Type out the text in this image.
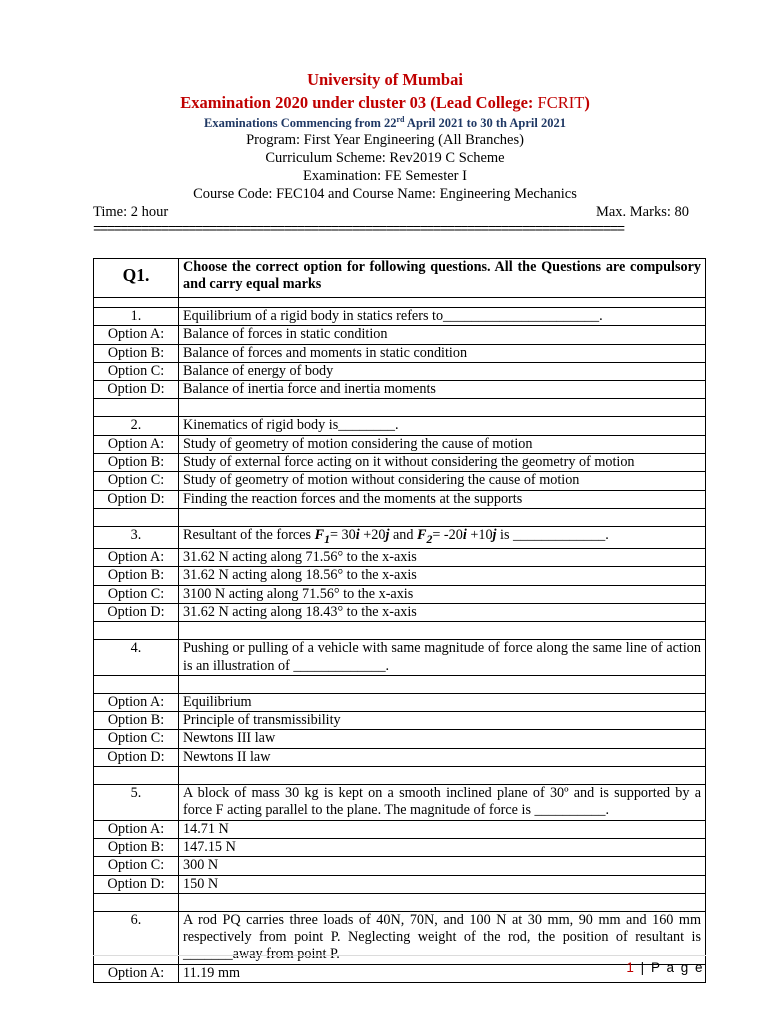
University of Mumbai
Examination 2020 under cluster 03 (Lead College: FCRIT)
Examinations Commencing from 22rd April 2021 to 30 th April 2021
Program: First Year Engineering (All Branches)
Curriculum Scheme: Rev2019 C Scheme
Examination: FE Semester I
Course Code: FEC104 and Course Name: Engineering Mechanics
Time: 2 hour	Max. Marks: 80
==============================================================================
Q1.	Choose the correct option for following questions. All the Questions are compulsory and carry equal marks

1.	Equilibrium of a rigid body in statics refers to______________________.
Option A:	Balance of forces in static condition
Option B:	Balance of forces and moments in static condition
Option C:	Balance of energy of body
Option D:	Balance of inertia force and inertia moments

2.	Kinematics of rigid body is________.
Option A:	Study of geometry of motion considering the cause of motion
Option B:	Study of external force acting on it without considering the geometry of motion
Option C:	Study of geometry of motion without considering the cause of motion
Option D:	Finding the reaction forces and the moments at the supports

3.	Resultant of the forces $F_1= 30i +20j$ and $F_2= -20i +10j$ is _____________.
Option A:	31.62 N acting along 71.56° to the x-axis
Option B:	31.62 N acting along 18.56° to the x-axis
Option C:	3100 N acting along 71.56° to the x-axis
Option D:	31.62 N acting along 18.43° to the x-axis

4.	Pushing or pulling of a vehicle with same magnitude of force along the same line of action is an illustration of _____________.

Option A:	Equilibrium
Option B:	Principle of transmissibility
Option C:	Newtons III law
Option D:	Newtons II law

5.	A block of mass 30 kg is kept on a smooth inclined plane of 30º and is supported by a force F acting parallel to the plane. The magnitude of force is __________.
Option A:	14.71 N
Option B:	147.15 N
Option C:	300 N
Option D:	150 N

6.	A rod PQ carries three loads of 40N, 70N, and 100 N at 30 mm, 90 mm and 160 mm respectively from point P. Neglecting weight of the rod, the position of resultant is _______away from point P.
Option A:	11.19 mm	1 | P a g e
